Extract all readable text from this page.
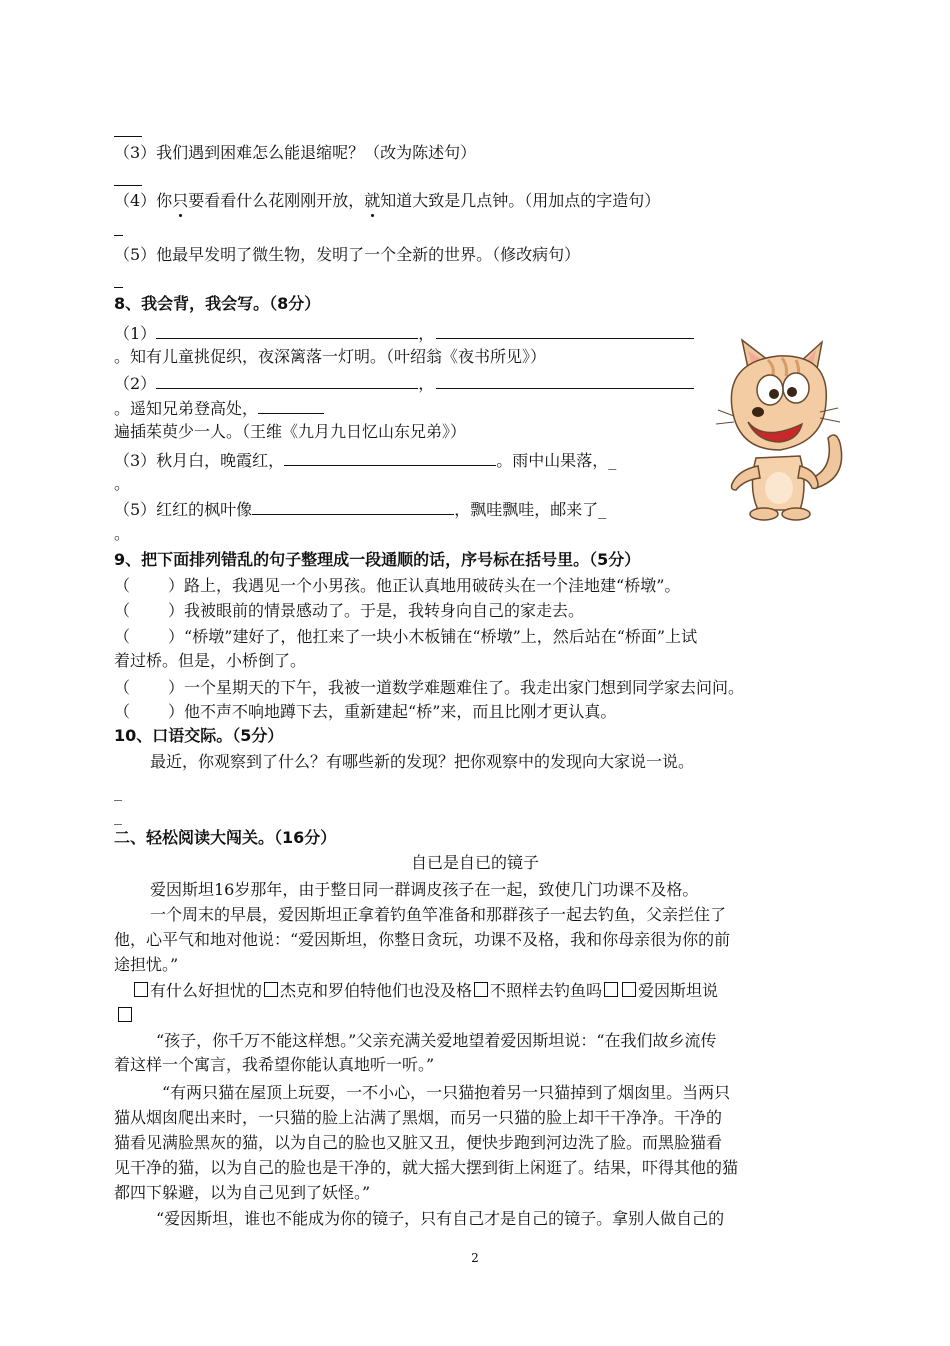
（3）我们遇到困难怎么能退缩呢？（改为陈述句）
（4）你只要看看什么花刚刚开放，就知道大致是几点钟。（用加点的字造句）
（5）他最早发明了微生物，发明了一个全新的世界。（修改病句）
8、我会背，我会写。（8分）
（1）	，
。知有儿童挑促织，夜深篱落一灯明。（叶绍翁《夜书所见》）
（2）	，
。遥知兄弟登高处，
遍插茱萸少一人。（王维《九月九日忆山东兄弟》）
（3）秋月白，晚霞红，	。雨中山果落，_
。
（5）红红的枫叶像	，飘哇飘哇，邮来了_
。
9、把下面排列错乱的句子整理成一段通顺的话，序号标在括号里。（5分）
（ ）路上，我遇见一个小男孩。他正认真地用破砖头在一个洼地建“桥墩”。
（ ）我被眼前的情景感动了。于是，我转身向自己的家走去。
（ ）“桥墩”建好了，他扛来了一块小木板铺在“桥墩”上，然后站在“桥面”上试
着过桥。但是，小桥倒了。
（ ）一个星期天的下午，我被一道数学难题难住了。我走出家门想到同学家去问问。
（ ）他不声不响地蹲下去，重新建起“桥”来，而且比刚才更认真。
10、口语交际。（5分）
最近，你观察到了什么？有哪些新的发现？把你观察中的发现向大家说一说。
_
_
二、轻松阅读大闯关。（16分）
自已是自已的镜子
爱因斯坦16岁那年，由于整日同一群调皮孩子在一起，致使几门功课不及格。
一个周末的早晨，爱因斯坦正拿着钓鱼竿准备和那群孩子一起去钓鱼，父亲拦住了
他，心平气和地对他说：“爱因斯坦，你整日贪玩，功课不及格，我和你母亲很为你的前
途担忧。”
有什么好担忧的 杰克和罗伯特他们也没及格 不照样去钓鱼吗 爱因斯坦说
“孩子，你千万不能这样想。”父亲充满关爱地望着爱因斯坦说：“在我们故乡流传
着这样一个寓言，我希望你能认真地听一听。”
“有两只猫在屋顶上玩耍，一不小心，一只猫抱着另一只猫掉到了烟囱里。当两只
猫从烟囱爬出来时，一只猫的脸上沾满了黑烟，而另一只猫的脸上却干干净净。干净的
猫看见满脸黑灰的猫，以为自己的脸也又脏又丑，便快步跑到河边洗了脸。而黑脸猫看
见干净的猫，以为自己的脸也是干净的，就大摇大摆到街上闲逛了。结果，吓得其他的猫
都四下躲避，以为自己见到了妖怪。”
“爱因斯坦，谁也不能成为你的镜子，只有自己才是自己的镜子。拿别人做自己的
2
